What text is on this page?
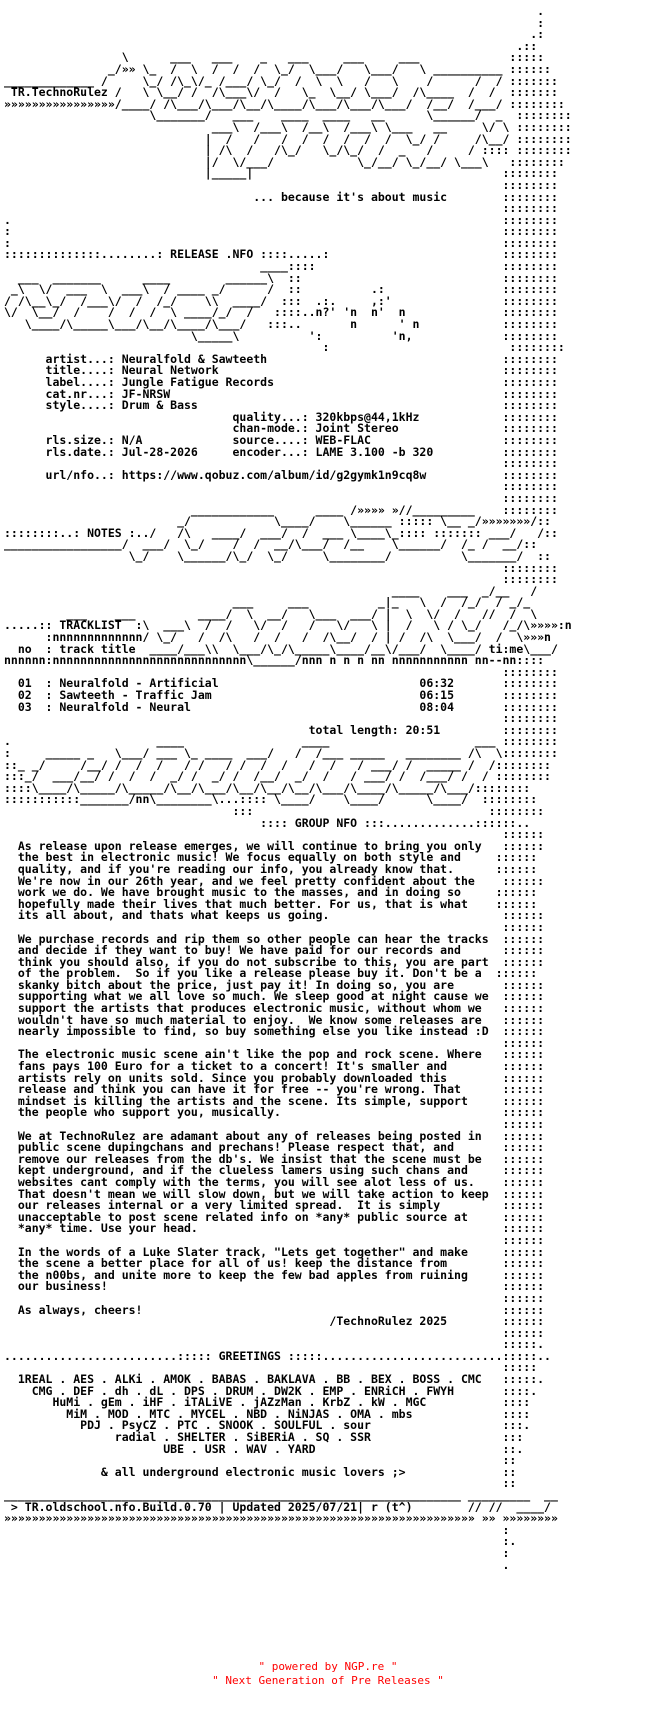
.
:
.:
.::
\      ___   ___    _   ___     ___     ___             :::::
_/»» \_  /  \  /  /  /  \_/  \___/   \___/   \ __________ ::::::
_____________ /     \_/ /\_\/_ /___/ \_/  /  \  \   /   \    /      /  / :::::::
TR.TechnoRulez /   \ \__/ /  /\___\/  /   \_  \__/ \___/  /\____  /  /  :::::::
»»»»»»»»»»»»»»»»/____/ /\___/\___/\__/\____/\___/\___/\___/  /__/  /___/ ::::::::
\_______/   ___    ____  ____   __      \______/  _  ::::::::
___\  /___\  /__\  /___\ \___   __     \/ \ ::::::::
|  /   /   /  /  /  /  /  /  \_/ /     /\__/ ::::::::
| /\  /   /\_/   \_/\_/  /  _   /     / :::: ::::::::
|/  \/___/            \_/__/ \_/__/ \___\   ::::::::
|_____|                                    ::::::::
::::::::
... because it's about music        ::::::::
::::::::
.                                                                       ::::::::
:                                                                       ::::::::
:                                                                       ::::::::
::::::::::::::........: RELEASE .NFO ::::.....:                         ::::::::
____::::                           ::::::::
___  _______      ____        ______\  ::                             ::::::::
_\  \/  ___  \  ___\  / ____ _/      /  ::          .:                 ::::::::
/ /\__\_/  /___\/  /  /_/    \\  ____/  :::  .:.     ,:'                ::::::::
\/  \__/  /    /  /  /  \ ____/_/  /   ::::..n?' 'n  n'  n              ::::::::
\____/\_____\___/\__/\____/\___/   :::..       n      ' n            ::::::::
\_____\          ':          'n,             ::::::::
:                          ::::::::
artist...: Neuralfold & Sawteeth                                  ::::::::
title....: Neural Network                                         ::::::::
label....: Jungle Fatigue Records                                 ::::::::
cat.nr...: JF-NRSW                                                ::::::::
style....: Drum & Bass                                            ::::::::
quality...: 320kbps@44,1kHz            ::::::::
chan-mode.: Joint Stereo               ::::::::
rls.size.: N/A             source....: WEB-FLAC                   ::::::::
rls.date.: Jul-28-2026     encoder...: LAME 3.100 -b 320          ::::::::
::::::::
url/nfo..: https://www.qobuz.com/album/id/g2gymk1n9cq8w           ::::::::
::::::::
::::::::
____________      ____ /»»»» »//_________    ::::::::
_/            \____/    \______ ::::: \__ _/»»»»»»»/::
::::::::..: NOTES :../   /\   ____/  ___/  /  ___ \____\_:::: ::::::: ___/   /::
_________________/  ___/  \_/    /  /  __/\___/  /__    \______/  /_ /  __/::
\_/    \______/\_/  \_/     \________/          \_______/  ::
::::::::
::::::::
____    ___  _/__   /
___     ___          _|_   \  /  /_/  / _/_
___    ___         ____/  \  __/   \___  ___/ |  \  \/  /   //  /  \
.....:: TRACKLIST  :\  ___\  /  /   \/  /   /   \/   \ |  /   \ / \_/   /_/\»»»»:n
:nnnnnnnnnnnnn/ \_/   /  /\   /  /   /  /\__/  / | /  /\  \___/  /  \»»»n
no  : track title  ____/___\\  \___/\_/\_____\____/__\/___/  \____/ ti:me\___/
nnnnnn:nnnnnnnnnnnnnnnnnnnnnnnnnnnn\______/nnn n n n nn nnnnnnnnnnn nn--nn::::
::::::::
01  : Neuralfold - Artificial                             06:32       ::::::::
02  : Sawteeth - Traffic Jam                              06:15       ::::::::
03  : Neuralfold - Neural                                 08:04       ::::::::
::::::::
total length: 20:51         ::::::::
.                     ____                 ____                     ___ ::::::::
:     _____ _   \___/ ___ \_ ____  ___/   /  /___ _____   ________ /\  \::::::::
::_ _/     /__/ /  /  /   / /   / /  /  /   /  /   / ___/ /  _____ /  /::::::::
:::_/  ___/__/ /  /  /  _/ /  _/ /  /__/  _/  /   / ___/ /  /___/ /  / ::::::::
::::\____/\_____/\_____/\__/\___/\__/\__/\__/\___/\____/\_____/\___/::::::::
:::::::::::_______/nn\________\...:::: \____/    \____/      \____/  ::::::::
:::                                  ::::::::
:::: GROUP NFO :::.............::::::..
::::::
As release upon release emerges, we will continue to bring you only   ::::::
the best in electronic music! We focus equally on both style and     ::::::
quality, and if you're reading our info, you already know that.      ::::::
We're now in our 26th year, and we feel pretty confident about the    ::::::
work we do. We have brought music to the masses, and in doing so     ::::::
hopefully made their lives that much better. For us, that is what    ::::::
its all about, and thats what keeps us going.                         ::::::
::::::
We purchase records and rip them so other people can hear the tracks  ::::::
and decide if they want to buy! We have paid for our records and      ::::::
think you should also, if you do not subscribe to this, you are part  ::::::
of the problem.  So if you like a release please buy it. Don't be a  ::::::
skanky bitch about the price, just pay it! In doing so, you are       ::::::
supporting what we all love so much. We sleep good at night cause we  ::::::
support the artists that produces electronic music, without whom we   ::::::
wouldn't have so much material to enjoy.  We know some releases are   ::::::
nearly impossible to find, so buy something else you like instead :D  ::::::
::::::
The electronic music scene ain't like the pop and rock scene. Where   ::::::
fans pays 100 Euro for a ticket to a concert! It's smaller and        ::::::
artists rely on units sold. Since you probably downloaded this        ::::::
release and think you can have it for free -- you're wrong. That      ::::::
mindset is killing the artists and the scene. Its simple, support     ::::::
the people who support you, musically.                                ::::::
::::::
We at TechnoRulez are adamant about any of releases being posted in   ::::::
public scene dupingchans and prechans! Please respect that, and       ::::::
remove our releases from the db's. We insist that the scene must be   ::::::
kept underground, and if the clueless lamers using such chans and     ::::::
websites cant comply with the terms, you will see alot less of us.    ::::::
That doesn't mean we will slow down, but we will take action to keep  ::::::
our releases internal or a very limited spread.  It is simply         ::::::
unacceptable to post scene related info on *any* public source at     ::::::
*any* time. Use your head.                                            ::::::
::::::
In the words of a Luke Slater track, "Lets get together" and make     ::::::
the scene a better place for all of us! keep the distance from        ::::::
the n00bs, and unite more to keep the few bad apples from ruining     ::::::
our business!                                                         ::::::
::::::
As always, cheers!                                                    ::::::
/TechnoRulez 2025        ::::::
::::::
:::::.
.........................::::: GREETINGS :::::..........................:::::..
:::::
1REAL . AES . ALKi . AMOK . BABAS . BAKLAVA . BB . BEX . BOSS . CMC   :::::.
CMG . DEF . dh . dL . DPS . DRUM . DW2K . EMP . ENRiCH . FWYH       ::::.
HuMi . gEm . iHF . iTALiVE . jAZzMan . KrbZ . kW . MGC           ::::
MiM . MOD . MTC . MYCEL . NBD . NiNJAS . OMA . mbs             ::::
PDJ . PsyCZ . PTC . SNOOK . SOULFUL . sour                   :::.
radial . SHELTER . SiBERiA . SQ . SSR                   :::
UBE . USR . WAV . YARD                           ::.
::
& all underground electronic music lovers ;>              ::
::
__________________________________________________________________ _________  __
> TR.oldschool.nfo.Build.0.70 | Updated 2025/07/21| r (t^)        // //  ____/
»»»»»»»»»»»»»»»»»»»»»»»»»»»»»»»»»»»»»»»»»»»»»»»»»»»»»»»»»»»»»»»»»»»» »» »»»»»»»»
:
:.
:
.
" powered by NGP.re "
" Next Generation of Pre Releases "
